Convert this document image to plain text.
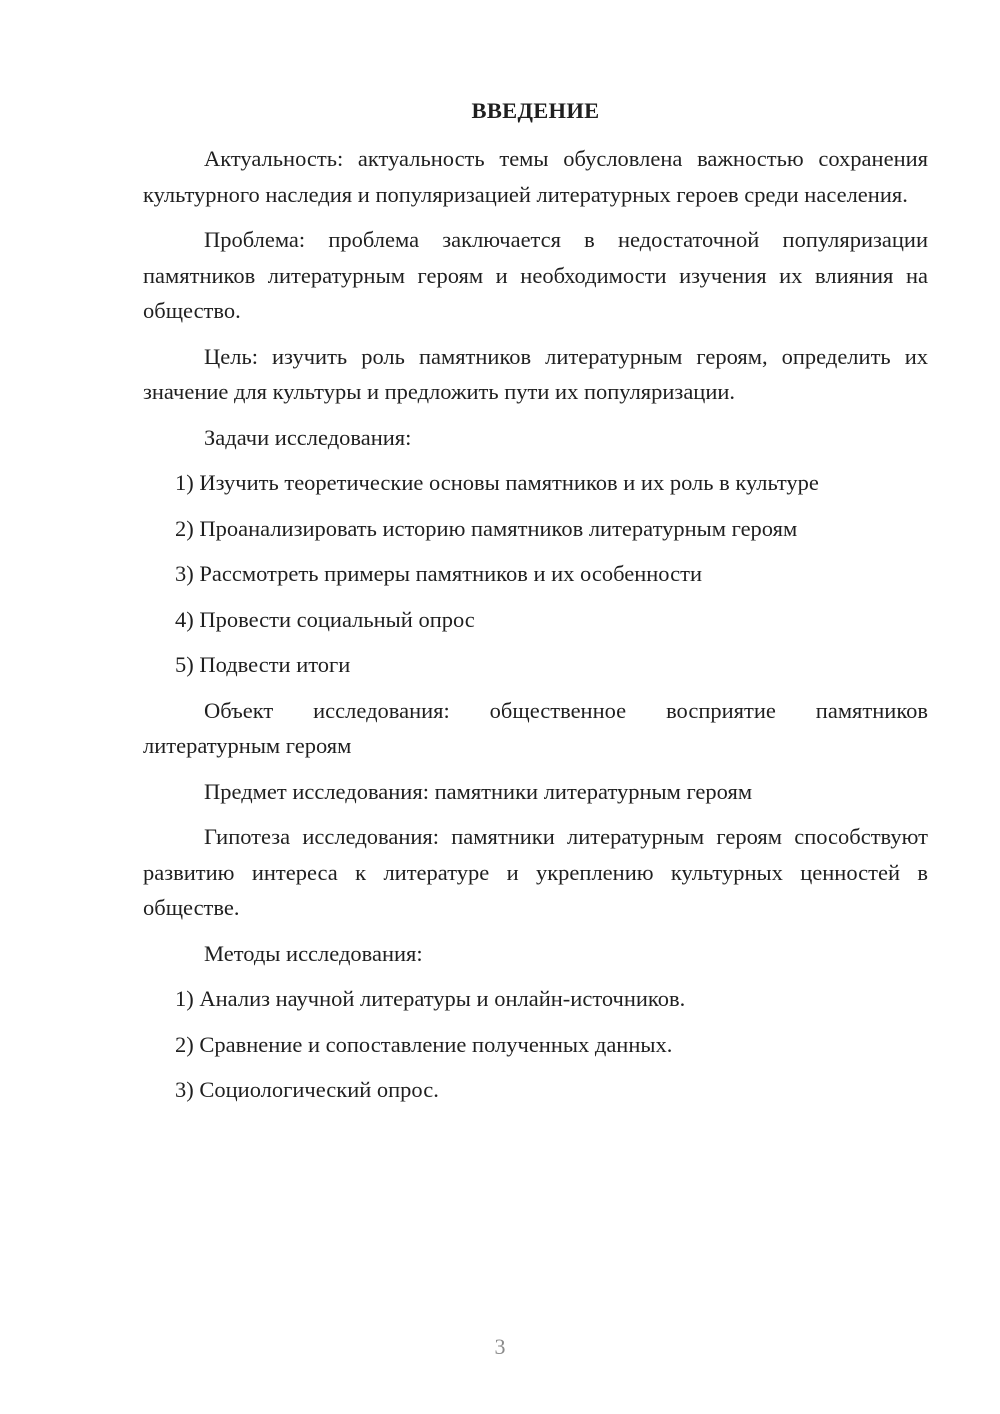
ВВЕДЕНИЕ

Актуальность: актуальность темы обусловлена важностью сохранения культурного наследия и популяризацией литературных героев среди населения.

Проблема: проблема заключается в недостаточной популяризации памятников литературным героям и необходимости изучения их влияния на общество.

Цель: изучить роль памятников литературным героям, определить их значение для культуры и предложить пути их популяризации.

Задачи исследования:

1) Изучить теоретические основы памятников и их роль в культуре

2) Проанализировать историю памятников литературным героям

3) Рассмотреть примеры памятников и их особенности

4) Провести социальный опрос

5) Подвести итоги

Объект исследования: общественное восприятие памятников литературным героям

Предмет исследования: памятники литературным героям

Гипотеза исследования: памятники литературным героям способствуют развитию интереса к литературе и укреплению культурных ценностей в обществе.

Методы исследования:

1) Анализ научной литературы и онлайн-источников.

2) Сравнение и сопоставление полученных данных.

3) Социологический опрос.

3
